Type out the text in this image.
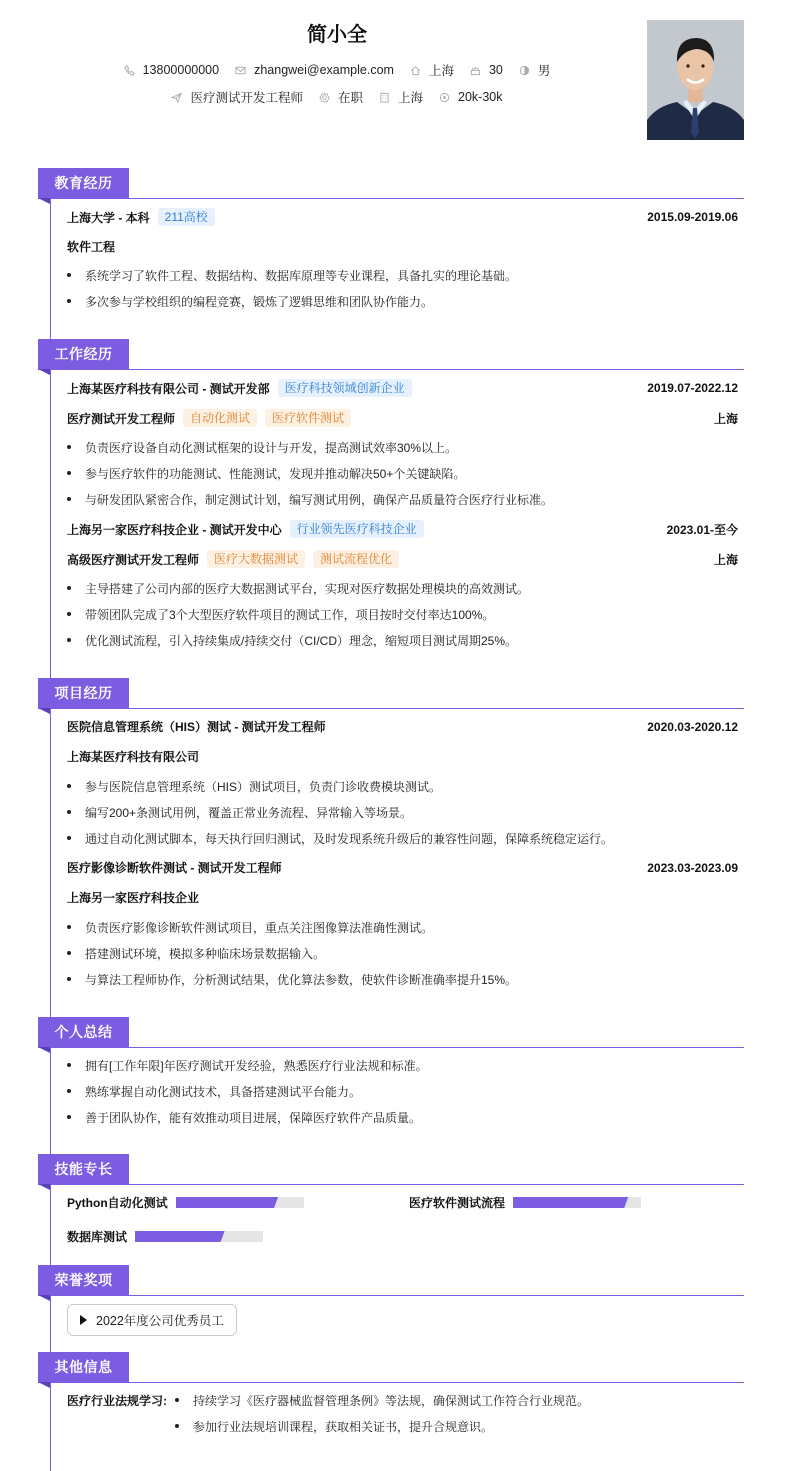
简小全
13800000000	zhangwei@example.com	上海	30	男
医疗测试开发工程师	在职	上海	20k-30k
教育经历
上海大学 - 本科	211高校	2015.09-2019.06
软件工程
系统学习了软件工程、数据结构、数据库原理等专业课程，具备扎实的理论基础。
多次参与学校组织的编程竞赛，锻炼了逻辑思维和团队协作能力。
工作经历
上海某医疗科技有限公司 - 测试开发部	医疗科技领域创新企业	2019.07-2022.12
医疗测试开发工程师	自动化测试	医疗软件测试	上海
负责医疗设备自动化测试框架的设计与开发，提高测试效率30%以上。
参与医疗软件的功能测试、性能测试，发现并推动解决50+个关键缺陷。
与研发团队紧密合作，制定测试计划，编写测试用例，确保产品质量符合医疗行业标准。
上海另一家医疗科技企业 - 测试开发中心	行业领先医疗科技企业	2023.01-至今
高级医疗测试开发工程师	医疗大数据测试	测试流程优化	上海
主导搭建了公司内部的医疗大数据测试平台，实现对医疗数据处理模块的高效测试。
带领团队完成了3个大型医疗软件项目的测试工作，项目按时交付率达100%。
优化测试流程，引入持续集成/持续交付（CI/CD）理念，缩短项目测试周期25%。
项目经历
医院信息管理系统（HIS）测试 - 测试开发工程师	2020.03-2020.12
上海某医疗科技有限公司
参与医院信息管理系统（HIS）测试项目，负责门诊收费模块测试。
编写200+条测试用例，覆盖正常业务流程、异常输入等场景。
通过自动化测试脚本，每天执行回归测试，及时发现系统升级后的兼容性问题，保障系统稳定运行。
医疗影像诊断软件测试 - 测试开发工程师	2023.03-2023.09
上海另一家医疗科技企业
负责医疗影像诊断软件测试项目，重点关注图像算法准确性测试。
搭建测试环境，模拟多种临床场景数据输入。
与算法工程师协作，分析测试结果，优化算法参数，使软件诊断准确率提升15%。
个人总结
拥有[工作年限]年医疗测试开发经验，熟悉医疗行业法规和标准。
熟练掌握自动化测试技术，具备搭建测试平台能力。
善于团队协作，能有效推动项目进展，保障医疗软件产品质量。
技能专长
Python自动化测试	医疗软件测试流程
数据库测试
荣誉奖项
2022年度公司优秀员工
其他信息
医疗行业法规学习:	持续学习《医疗器械监督管理条例》等法规，确保测试工作符合行业规范。
参加行业法规培训课程，获取相关证书，提升合规意识。
